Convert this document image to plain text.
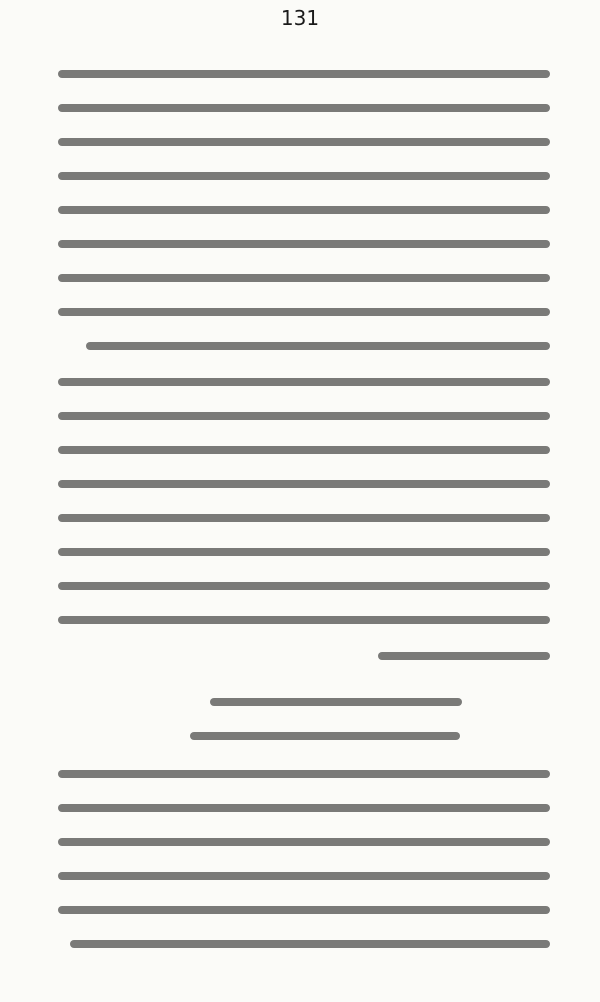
131
